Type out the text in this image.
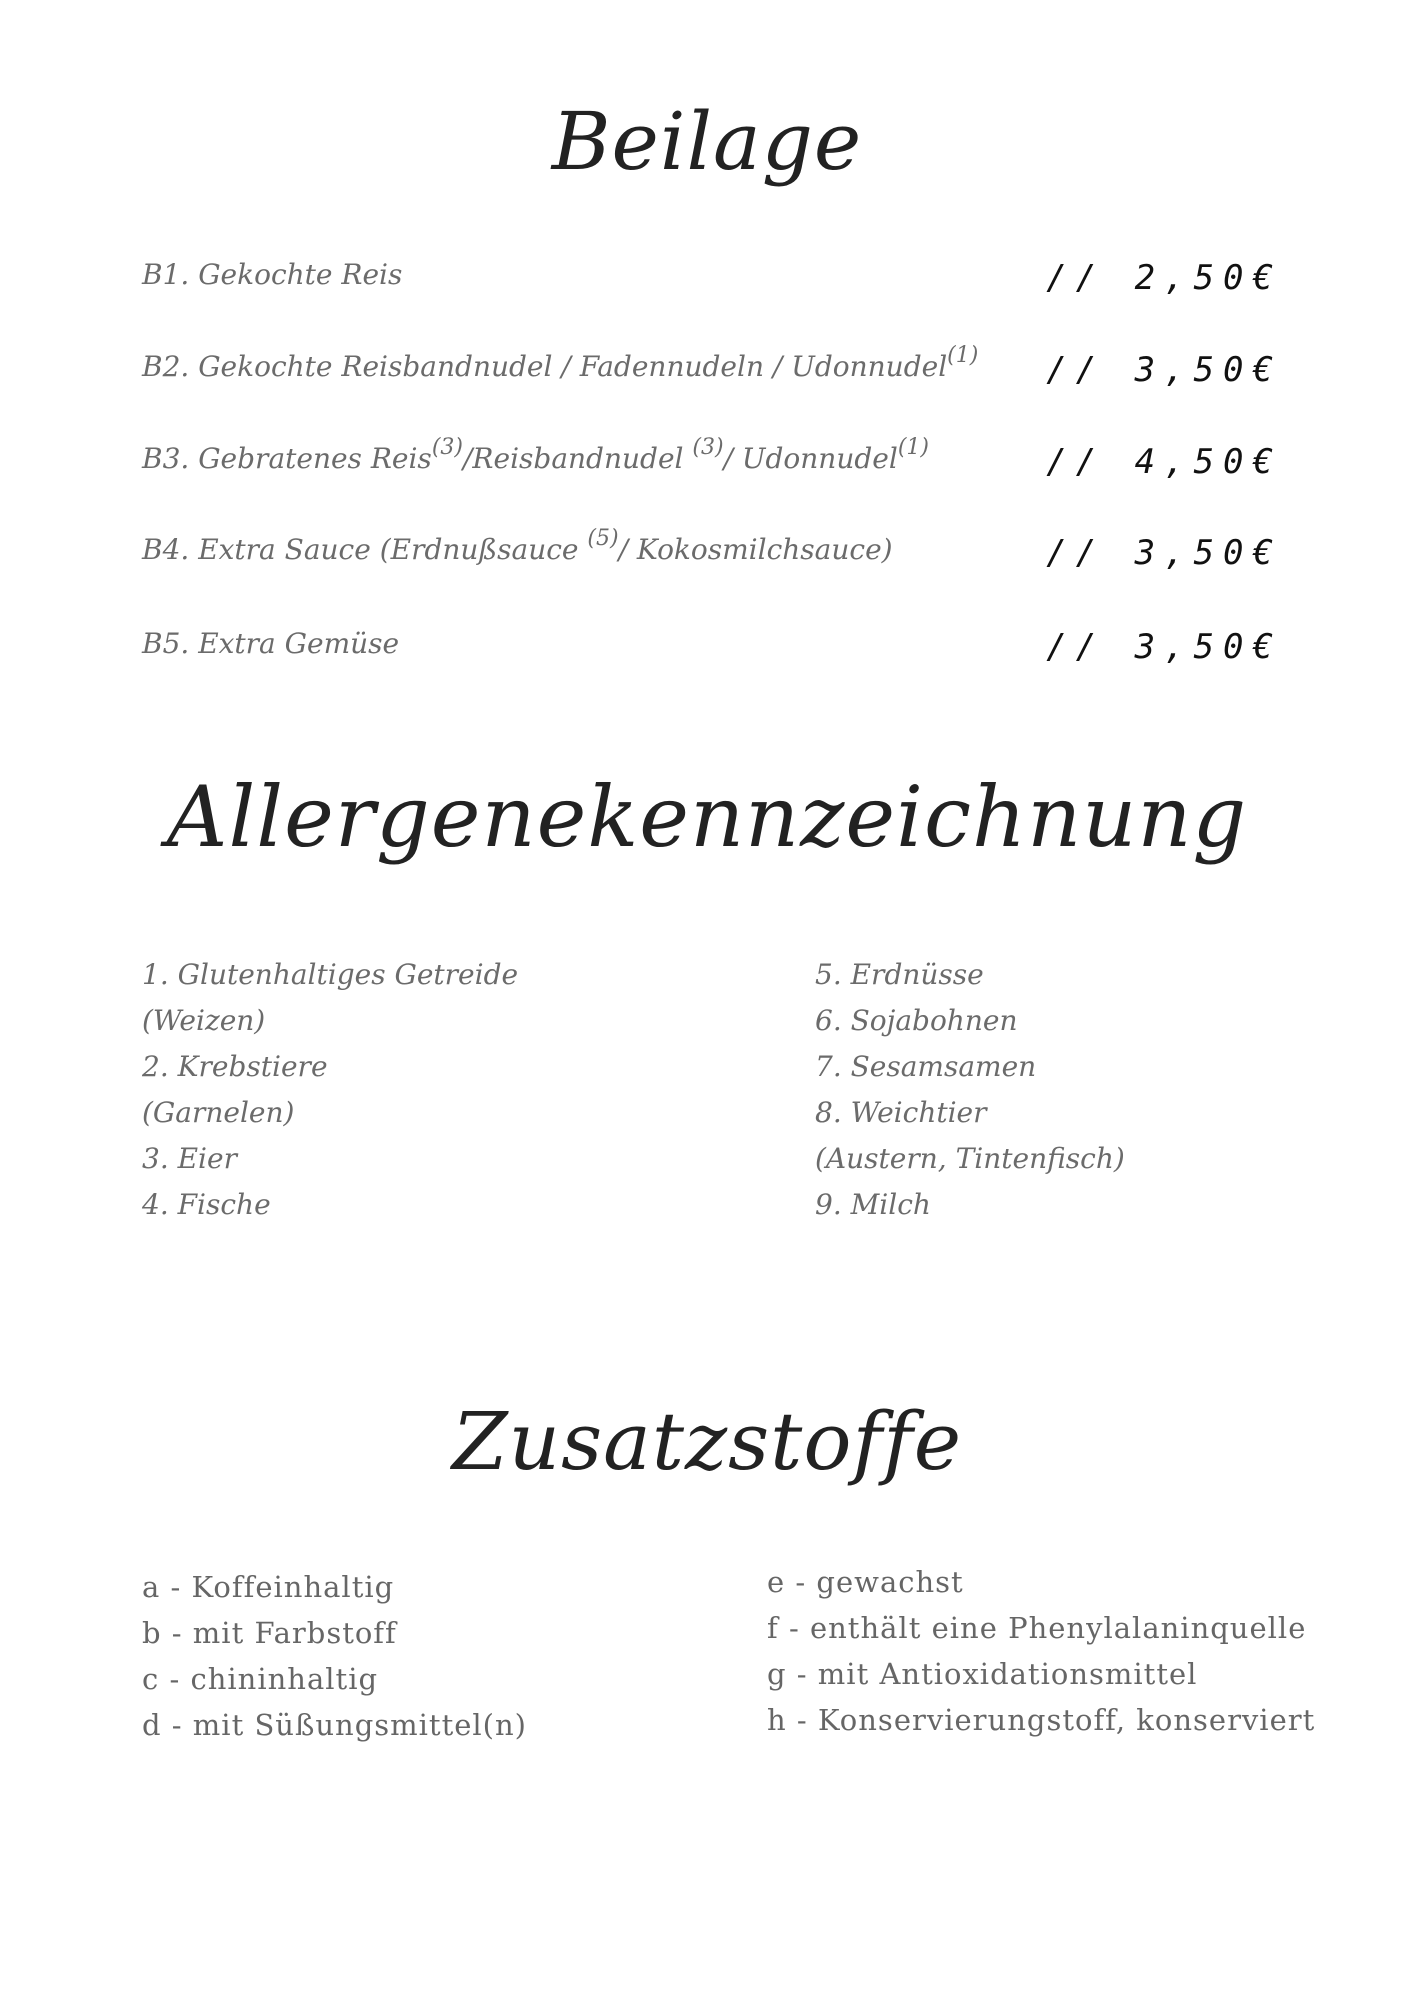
Beilage
B1. Gekochte Reis	// 2,50€
B2. Gekochte Reisbandnudel / Fadennudeln / Udonnudel$^{(1)}$ // 3,50€
B3. Gebratenes Reis$^{(3)}$/Reisbandnudel $^{(3)}$/ Udonnudel$^{(1)}$	// 4,50€
B4. Extra Sauce (Erdnußsauce $^{(5)}$/ Kokosmilchsauce)	// 3,50€
B5. Extra Gemüse	// 3,50€
Allergenekennzeichnung
1. Glutenhaltiges Getreide
(Weizen)
2. Krebstiere
(Garnelen)
3. Eier
4. Fische
5. Erdnüsse
6. Sojabohnen
7. Sesamsamen
8. Weichtier
(Austern, Tintenfisch)
9. Milch
Zusatzstoffe
a - Koffeinhaltig
b - mit Farbstoff
c - chininhaltig
d - mit Süßungsmittel(n)
e - gewachst
f - enthält eine Phenylalaninquelle
g - mit Antioxidationsmittel
h - Konservierungstoff, konserviert
